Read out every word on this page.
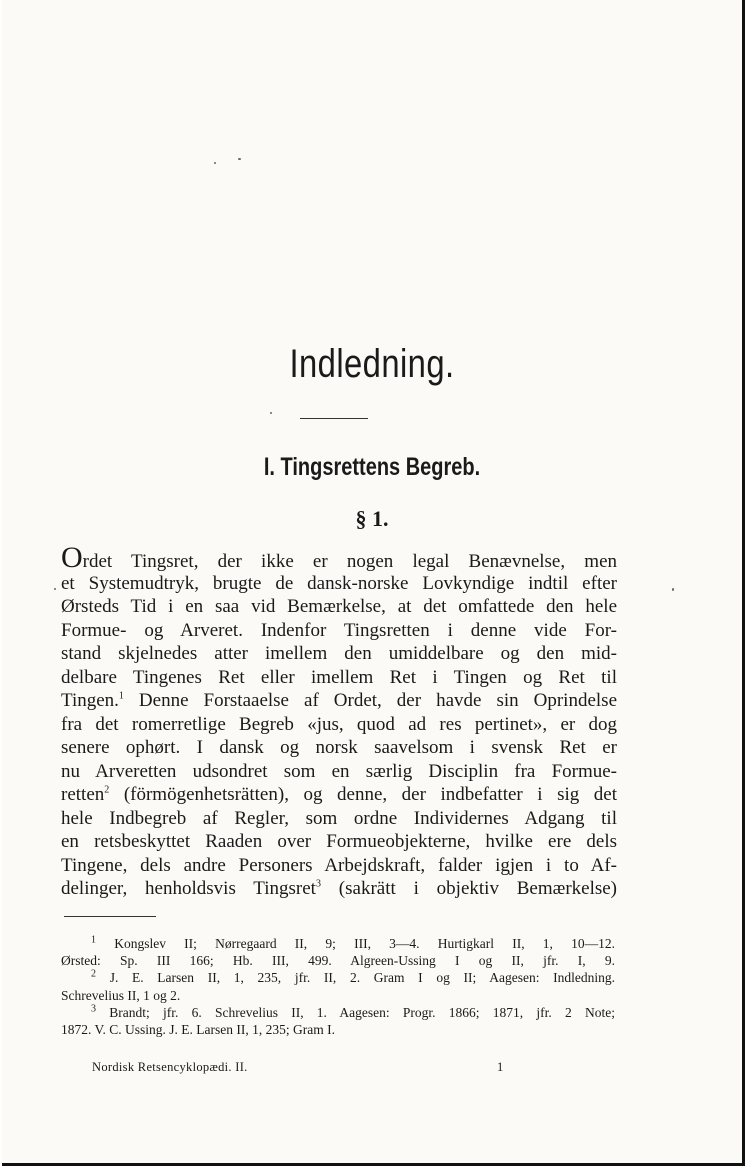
Indledning.
I. Tingsrettens Begreb.
§ 1.
Ordet Tingsret, der ikke er nogen legal Benævnelse, men
et Systemudtryk, brugte de dansk-norske Lovkyndige indtil efter
Ørsteds Tid i en saa vid Bemærkelse, at det omfattede den hele
Formue- og Arveret. Indenfor Tingsretten i denne vide For-
stand skjelnedes atter imellem den umiddelbare og den mid-
delbare Tingenes Ret eller imellem Ret i Tingen og Ret til
Tingen.$^1$ Denne Forstaaelse af Ordet, der havde sin Oprindelse
fra det romerretlige Begreb «jus, quod ad res pertinet», er dog
senere ophørt. I dansk og norsk saavelsom i svensk Ret er
nu Arveretten udsondret som en særlig Disciplin fra Formue-
retten$^2$ (förmögenhetsrätten), og denne, der indbefatter i sig det
hele Indbegreb af Regler, som ordne Individernes Adgang til
en retsbeskyttet Raaden over Formueobjekterne, hvilke ere dels
Tingene, dels andre Personers Arbejdskraft, falder igjen i to Af-
delinger, henholdsvis Tingsret$^3$ (sakrätt i objektiv Bemærkelse)
$^1$ Kongslev II; Nørregaard II, 9; III, 3—4. Hurtigkarl II, 1, 10—12.
Ørsted: Sp. III 166; Hb. III, 499. Algreen-Ussing I og II, jfr. I, 9.
$^2$ J. E. Larsen II, 1, 235, jfr. II, 2. Gram I og II; Aagesen: Indledning.
Schrevelius II, 1 og 2.
$^3$ Brandt; jfr. 6. Schrevelius II, 1. Aagesen: Progr. 1866; 1871, jfr. 2 Note;
1872. V. C. Ussing. J. E. Larsen II, 1, 235; Gram I.
Nordisk Retsencyklopædi. II.	1
